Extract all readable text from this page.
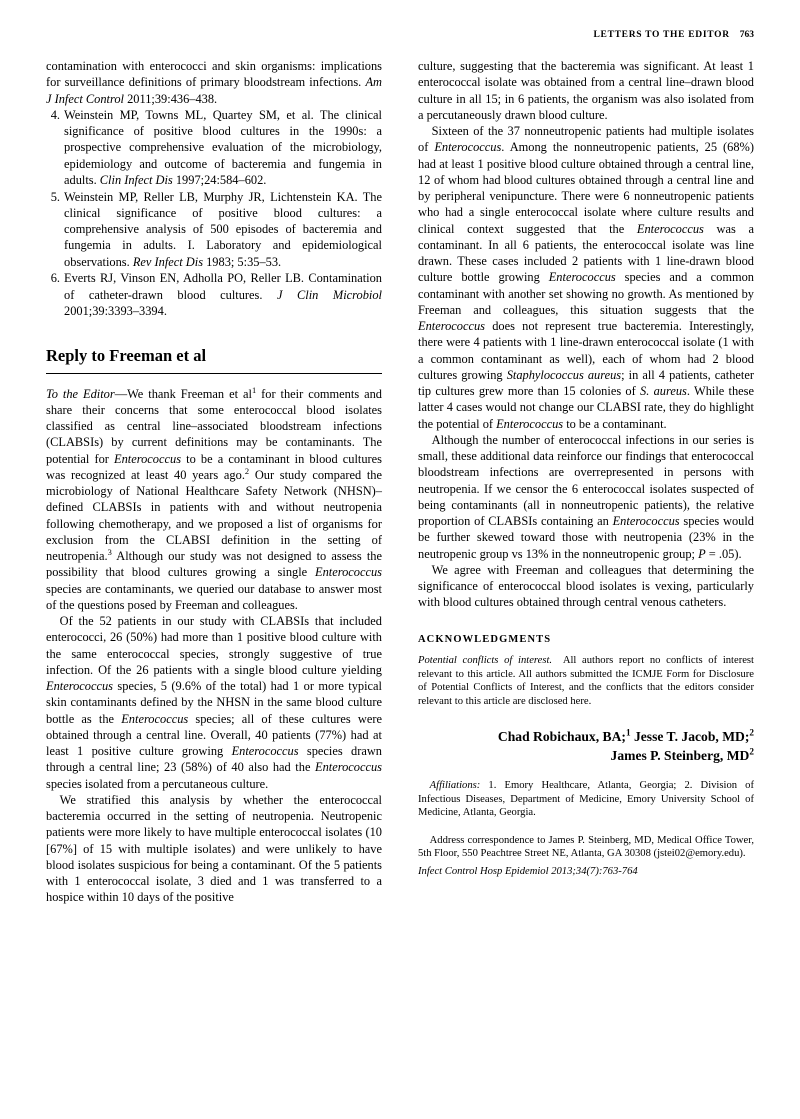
LETTERS TO THE EDITOR 763
contamination with enterococci and skin organisms: implications for surveillance definitions of primary bloodstream infections. Am J Infect Control 2011;39:436–438.
4. Weinstein MP, Towns ML, Quartey SM, et al. The clinical significance of positive blood cultures in the 1990s: a prospective comprehensive evaluation of the microbiology, epidemiology and outcome of bacteremia and fungemia in adults. Clin Infect Dis 1997;24:584–602.
5. Weinstein MP, Reller LB, Murphy JR, Lichtenstein KA. The clinical significance of positive blood cultures: a comprehensive analysis of 500 episodes of bacteremia and fungemia in adults. I. Laboratory and epidemiological observations. Rev Infect Dis 1983; 5:35–53.
6. Everts RJ, Vinson EN, Adholla PO, Reller LB. Contamination of catheter-drawn blood cultures. J Clin Microbiol 2001;39:3393–3394.
Reply to Freeman et al

To the Editor—We thank Freeman et $al^1$ for their comments and share their concerns that some enterococcal blood isolates classified as central line–associated bloodstream infections (CLABSIs) by current definitions may be contaminants. The potential for Enterococcus to be a contaminant in blood cultures was recognized at least 40 years ago.$^2$ Our study compared the microbiology of National Healthcare Safety Network (NHSN)–defined CLABSIs in patients with and without neutropenia following chemotherapy, and we proposed a list of organisms for exclusion from the CLABSI definition in the setting of neutropenia.$^3$ Although our study was not designed to assess the possibility that blood cultures growing a single Enterococcus species are contaminants, we queried our database to answer most of the questions posed by Freeman and colleagues.

Of the 52 patients in our study with CLABSIs that included enterococci, 26 (50%) had more than 1 positive blood culture with the same enterococcal species, strongly suggestive of true infection. Of the 26 patients with a single blood culture yielding Enterococcus species, 5 (9.6% of the total) had 1 or more typical skin contaminants defined by the NHSN in the same blood culture bottle as the Enterococcus species; all of these cultures were obtained through a central line. Overall, 40 patients (77%) had at least 1 positive culture growing Enterococcus species drawn through a central line; 23 (58%) of 40 also had the Enterococcus species isolated from a percutaneous culture.

We stratified this analysis by whether the enterococcal bacteremia occurred in the setting of neutropenia. Neutropenic patients were more likely to have multiple enterococcal isolates (10 [67%] of 15 with multiple isolates) and were unlikely to have blood isolates suspicious for being a contaminant. Of the 5 patients with 1 enterococcal isolate, 3 died and 1 was transferred to a hospice within 10 days of the positive

culture, suggesting that the bacteremia was significant. At least 1 enterococcal isolate was obtained from a central line–drawn blood culture in all 15; in 6 patients, the organism was also isolated from a percutaneously drawn blood culture.

Sixteen of the 37 nonneutropenic patients had multiple isolates of Enterococcus. Among the nonneutropenic patients, 25 (68%) had at least 1 positive blood culture obtained through a central line, 12 of whom had blood cultures obtained through a central line and by peripheral venipuncture. There were 6 nonneutropenic patients who had a single enterococcal isolate where culture results and clinical context suggested that the Enterococcus was a contaminant. In all 6 patients, the enterococcal isolate was line drawn. These cases included 2 patients with 1 line-drawn blood culture bottle growing Enterococcus species and a common contaminant with another set showing no growth. As mentioned by Freeman and colleagues, this situation suggests that the Enterococcus does not represent true bacteremia. Interestingly, there were 4 patients with 1 line-drawn enterococcal isolate (1 with a common contaminant as well), each of whom had 2 blood cultures growing Staphylococcus aureus; in all 4 patients, catheter tip cultures grew more than 15 colonies of S. aureus. While these latter 4 cases would not change our CLABSI rate, they do highlight the potential of Enterococcus to be a contaminant.

Although the number of enterococcal infections in our series is small, these additional data reinforce our findings that enterococcal bloodstream infections are overrepresented in persons with neutropenia. If we censor the 6 enterococcal isolates suspected of being contaminants (all in nonneutropenic patients), the relative proportion of CLABSIs containing an Enterococcus species would be further skewed toward those with neutropenia (23% in the neutropenic group vs 13% in the nonneutropenic group; P = .05).

We agree with Freeman and colleagues that determining the significance of enterococcal blood isolates is vexing, particularly with blood cultures obtained through central venous catheters.

ACKNOWLEDGMENTS
Potential conflicts of interest.  All authors report no conflicts of interest relevant to this article. All authors submitted the ICMJE Form for Disclosure of Potential Conflicts of Interest, and the conflicts that the editors consider relevant to this article are disclosed here.
Chad Robichaux, BA;$^1$ Jesse T. Jacob, MD;$^2$
James P. Steinberg, $MD^2$
Affiliations: 1. Emory Healthcare, Atlanta, Georgia; 2. Division of Infectious Diseases, Department of Medicine, Emory University School of Medicine, Atlanta, Georgia.
Address correspondence to James P. Steinberg, MD, Medical Office Tower, 5th Floor, 550 Peachtree Street NE, Atlanta, GA 30308 (jstei02@emory.edu).
Infect Control Hosp Epidemiol 2013;34(7):763-764
